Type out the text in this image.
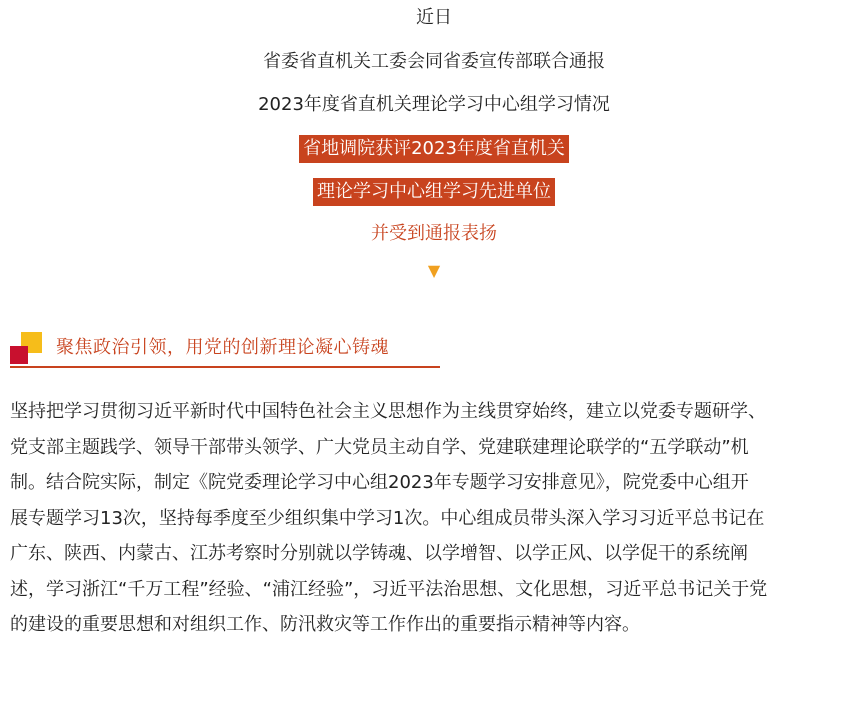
近日
省委省直机关工委会同省委宣传部联合通报
2023年度省直机关理论学习中心组学习情况
省地调院获评2023年度省直机关
理论学习中心组学习先进单位
并受到通报表扬
▼
聚焦政治引领，用党的创新理论凝心铸魂
坚持把学习贯彻习近平新时代中国特色社会主义思想作为主线贯穿始终，建立以党委专题研学、
党支部主题践学、领导干部带头领学、广大党员主动自学、党建联建理论联学的“五学联动”机
制。结合院实际，制定《院党委理论学习中心组2023年专题学习安排意见》，院党委中心组开
展专题学习13次，坚持每季度至少组织集中学习1次。中心组成员带头深入学习习近平总书记在
广东、陕西、内蒙古、江苏考察时分别就以学铸魂、以学增智、以学正风、以学促干的系统阐
述，学习浙江“千万工程”经验、“浦江经验”，习近平法治思想、文化思想，习近平总书记关于党
的建设的重要思想和对组织工作、防汛救灾等工作作出的重要指示精神等内容。
